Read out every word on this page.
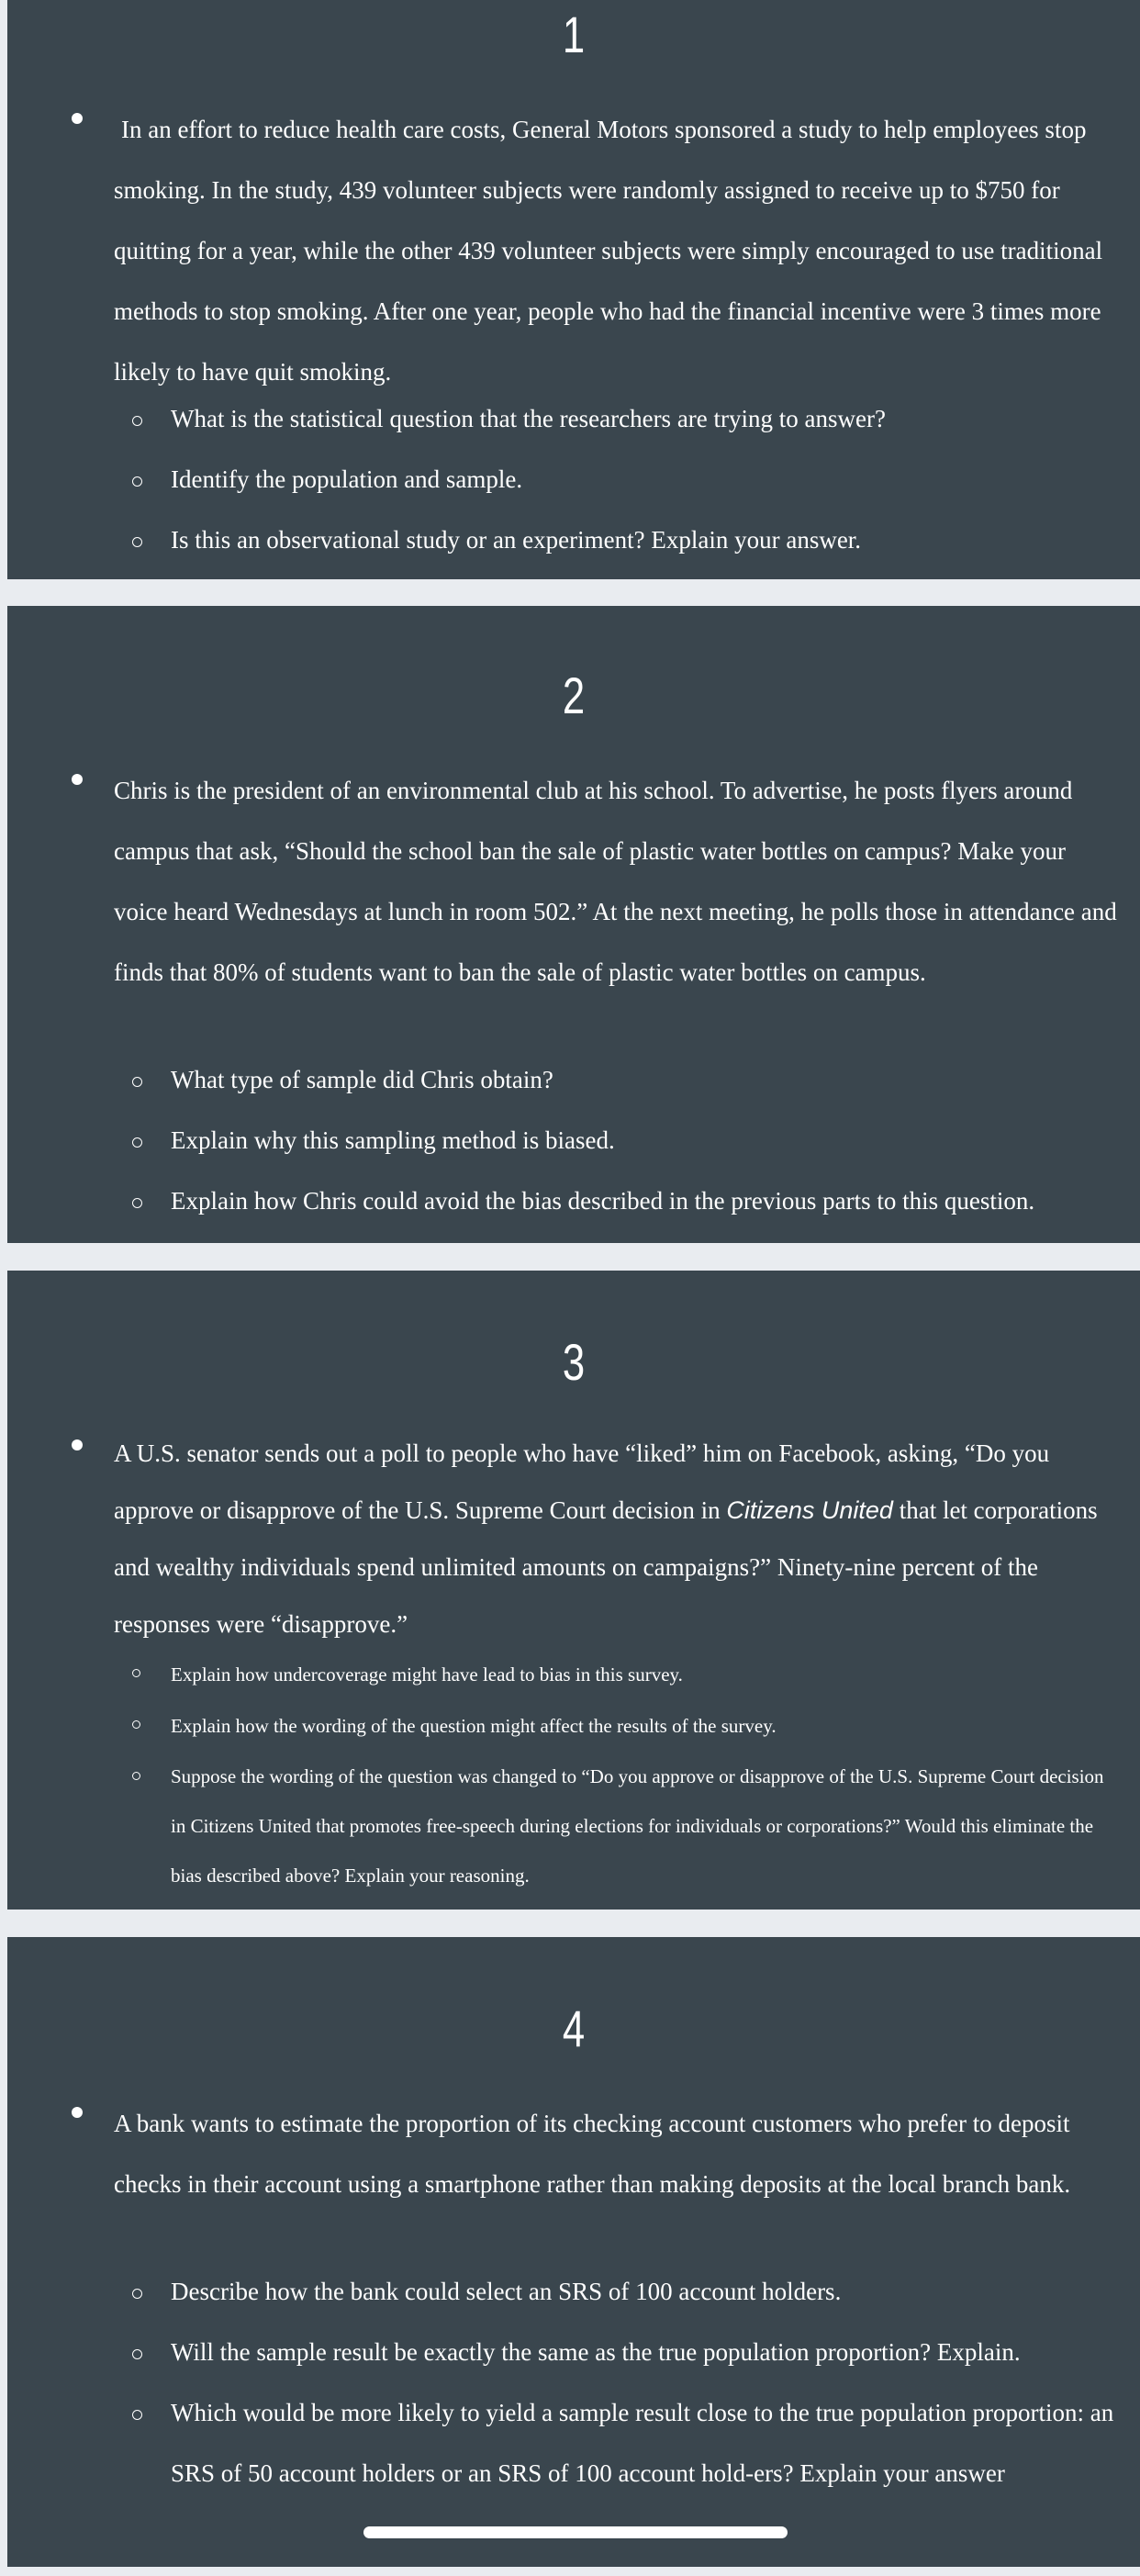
1

In an effort to reduce health care costs, General Motors sponsored a study to help employees stop smoking. In the study, 439 volunteer subjects were randomly assigned to receive up to $750 for quitting for a year, while the other 439 volunteer subjects were simply encouraged to use traditional methods to stop smoking. After one year, people who had the financial incentive were 3 times more likely to have quit smoking.

What is the statistical question that the researchers are trying to answer?
Identify the population and sample.
Is this an observational study or an experiment? Explain your answer.
2

Chris is the president of an environmental club at his school. To advertise, he posts flyers around campus that ask, “Should the school ban the sale of plastic water bottles on campus? Make your voice heard Wednesdays at lunch in room 502.” At the next meeting, he polls those in attendance and finds that 80% of students want to ban the sale of plastic water bottles on campus.

What type of sample did Chris obtain?
Explain why this sampling method is biased.
Explain how Chris could avoid the bias described in the previous parts to this question.
3

A U.S. senator sends out a poll to people who have “liked” him on Facebook, asking, “Do you approve or disapprove of the U.S. Supreme Court decision in Citizens United that let corporations and wealthy individuals spend unlimited amounts on campaigns?” Ninety-nine percent of the responses were “disapprove.”

Explain how undercoverage might have lead to bias in this survey.
Explain how the wording of the question might affect the results of the survey.
Suppose the wording of the question was changed to “Do you approve or disapprove of the U.S. Supreme Court decision in Citizens United that promotes free-speech during elections for individuals or corporations?” Would this eliminate the bias described above? Explain your reasoning.
4

A bank wants to estimate the proportion of its checking account customers who prefer to deposit checks in their account using a smartphone rather than making deposits at the local branch bank.

Describe how the bank could select an SRS of 100 account holders.
Will the sample result be exactly the same as the true population proportion? Explain.
Which would be more likely to yield a sample result close to the true population proportion: an SRS of 50 account holders or an SRS of 100 account hold-ers? Explain your answer
